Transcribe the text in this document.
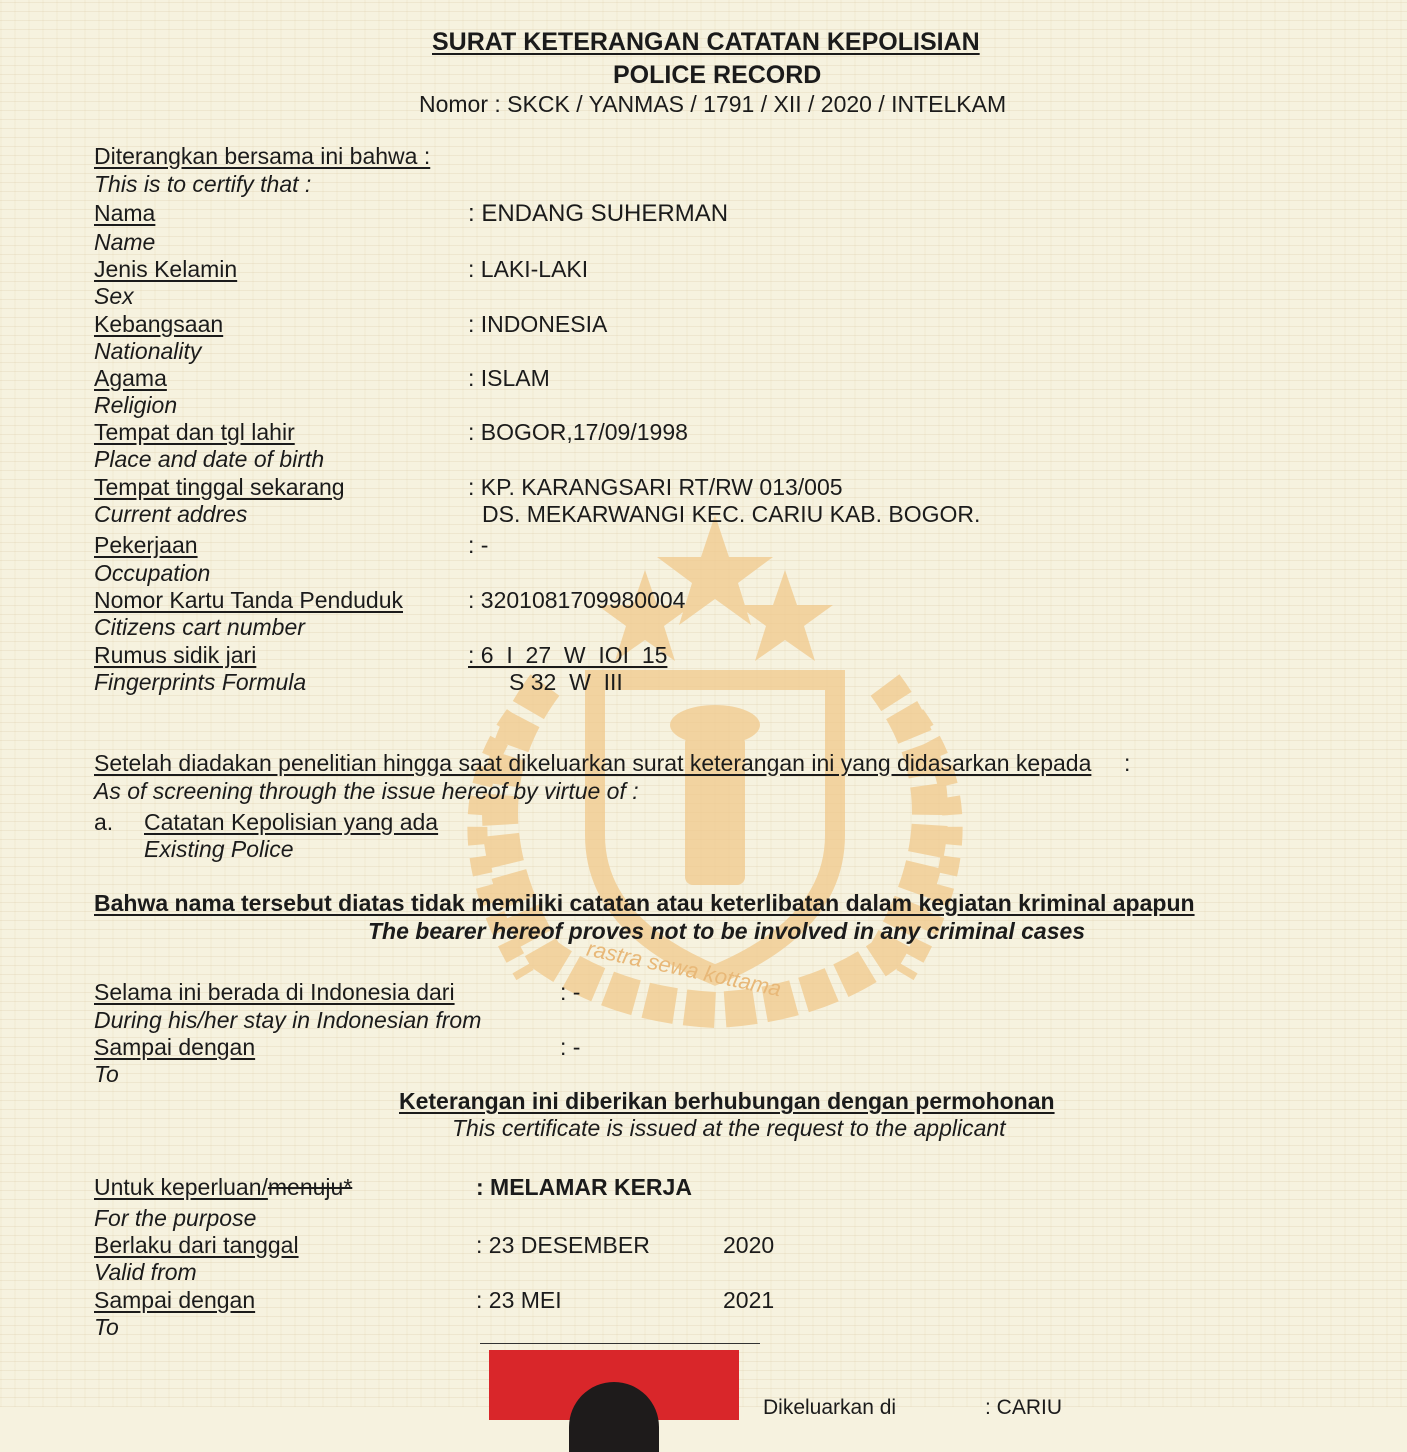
rastra sewa kottama
SURAT KETERANGAN CATATAN KEPOLISIAN
POLICE RECORD
Nomor : SKCK / YANMAS / 1791 / XII / 2020 / INTELKAM
Diterangkan bersama ini bahwa :
This is to certify that :
Nama
Name
: ENDANG SUHERMAN
Jenis Kelamin
Sex
: LAKI-LAKI
Kebangsaan
Nationality
: INDONESIA
Agama
Religion
: ISLAM
Tempat dan tgl lahir
Place and date of birth
: BOGOR,17/09/1998
Tempat tinggal sekarang
Current addres
: KP. KARANGSARI RT/RW 013/005
DS. MEKARWANGI KEC. CARIU KAB. BOGOR.
Pekerjaan
Occupation
: -
Nomor Kartu Tanda Penduduk
Citizens cart number
: 3201081709980004
Rumus sidik jari
Fingerprints Formula
: 6  I  27  W  IOI  15
S 32  W  III
Setelah diadakan penelitian hingga saat dikeluarkan surat keterangan ini yang didasarkan kepada :
As of screening through the issue hereof by virtue of :
a. Catatan Kepolisian yang ada
Existing Police
Bahwa nama tersebut diatas tidak memiliki catatan atau keterlibatan dalam kegiatan kriminal apapun
The bearer hereof proves not to be involved in any criminal cases
Selama ini berada di Indonesia dari
During his/her stay in Indonesian from
: -
Sampai dengan
To
: -
Keterangan ini diberikan berhubungan dengan permohonan
This certificate is issued at the request to the applicant
Untuk keperluan/menuju*
For the purpose
: MELAMAR KERJA
Berlaku dari tanggal
Valid from
: 23 DESEMBER	2020
Sampai dengan
To
: 23 MEI	2021
Dikeluarkan di	: CARIU
